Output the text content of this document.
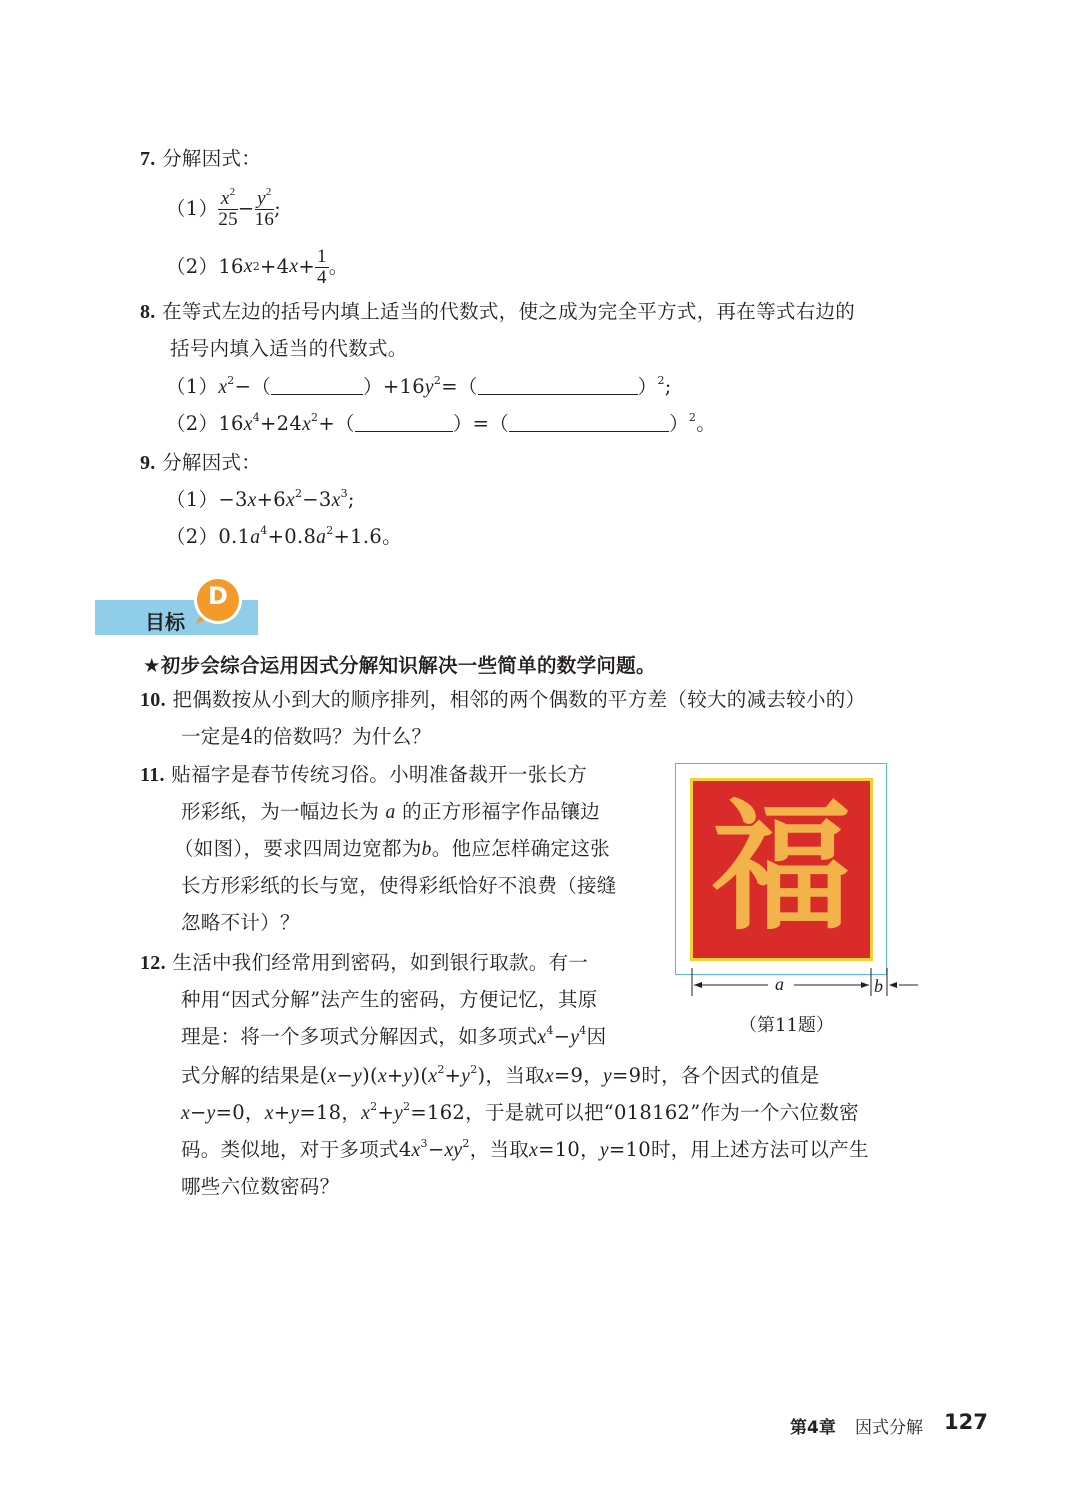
7. 分解因式：
$(1) \frac{x^2}{25} - \frac{y^2}{16}$ ;
（2） 16 x 2 +4 $x + \frac{1}{4}$ 。
8. 在等式左边的括号内填上适当的代数式，使之成为完全平方式，再在等式右边的
括号内填入适当的代数式。
$(1)x^2-$（	）$+16y^2=$（	）$^2$;
$(2)16x^4+24x^2+$（	）=（	）$^2$。
9. 分解因式：
$(1)-3x+6x^2-3x^3$;
$(2)0.1a^4+0.8a^2+1.6$。
目标
D
★初步会综合运用因式分解知识解决一些简单的数学问题。
10. 把偶数按从小到大的顺序排列，相邻的两个偶数的平方差（较大的减去较小的）
一定是4的倍数吗？为什么？
11. 贴福字是春节传统习俗。小明准备裁开一张长方
形彩纸，为一幅边长为 a 的正方形福字作品镶边
（如图），要求四周边宽都为b。他应怎样确定这张
长方形彩纸的长与宽，使得彩纸恰好不浪费（接缝
忽略不计）？	福
a	b
（第11题）
12. 生活中我们经常用到密码，如到银行取款。有一
种用“因式分解”法产生的密码，方便记忆，其原
理是：将一个多项式分解因式，如多项式$x^4-y^4$因
式分解的结果是$(x-y)(x+y)(x^2+y^2)$，当取x=9，y=9时，各个因式的值是
x−y=0，x+y=18，$x^2+y^2=162$，于是就可以把“018162”作为一个六位数密
码。类似地，对于多项式$4x^3-xy^2$，当取x=10，y=10时，用上述方法可以产生
哪些六位数密码？
第4章 因式分解 127
